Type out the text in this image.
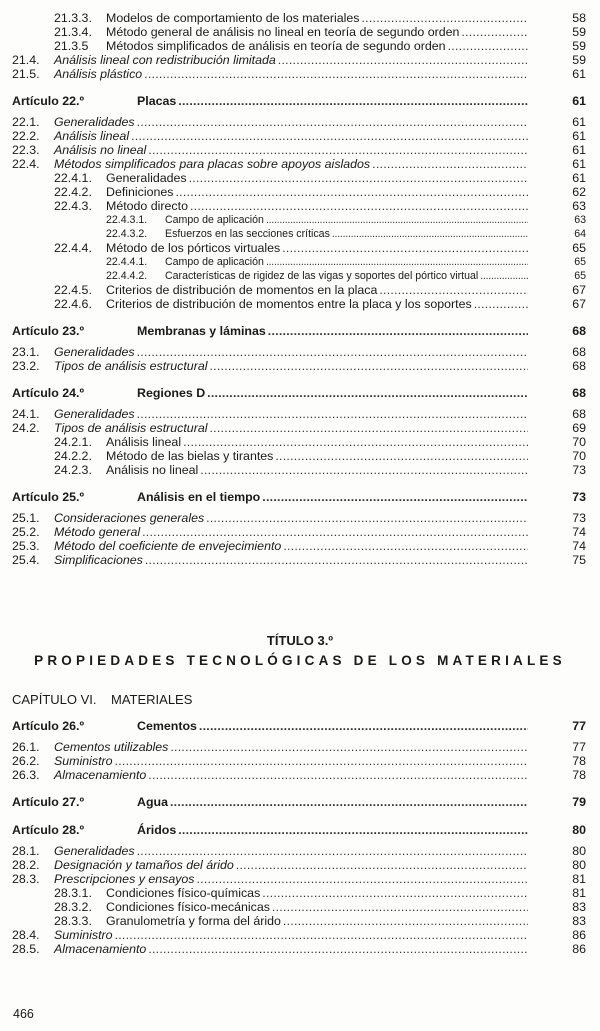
21.3.3.	Modelos de comportamiento de los materiales . . .	58
21.3.4.	Método general de análisis no lineal en teoría de segundo orden . . .	59
21.3.5	Métodos simplificados de análisis en teoría de segundo orden . . .	59
21.4.	Análisis lineal con redistribución limitada . . .	59
21.5.	Análisis plástico . . .	61
Artículo 22.º	Placas . . .	61
22.1.	Generalidades . . .	61
22.2.	Análisis lineal . . .	61
22.3.	Análisis no lineal . . .	61
22.4.	Métodos simplificados para placas sobre apoyos aislados . . .	61
22.4.1.	Generalidades . . .	61
22.4.2.	Definiciones . . .	62
22.4.3.	Método directo . . .	63
22.4.3.1.	Campo de aplicación . . .	63
22.4.3.2.	Esfuerzos en las secciones críticas . . .	64
22.4.4.	Método de los pórticos virtuales . . .	65
22.4.4.1.	Campo de aplicación . . .	65
22.4.4.2.	Características de rigidez de las vigas y soportes del pórtico virtual . . .	65
22.4.5.	Criterios de distribución de momentos en la placa . . .	67
22.4.6.	Criterios de distribución de momentos entre la placa y los soportes . . .	67
Artículo 23.º	Membranas y láminas . . .	68
23.1.	Generalidades . . .	68
23.2.	Tipos de análisis estructural . . .	68
Artículo 24.º	Regiones D . . .	68
24.1.	Generalidades . . .	68
24.2.	Tipos de análisis estructural . . .	69
24.2.1.	Análisis lineal . . .	70
24.2.2.	Método de las bielas y tirantes . . .	70
24.2.3.	Análisis no lineal . . .	73
Artículo 25.º	Análisis en el tiempo . . .	73
25.1.	Consideraciones generales . . .	73
25.2.	Método general . . .	74
25.3.	Método del coeficiente de envejecimiento . . .	74
25.4.	Simplificaciones . . .	75
TÍTULO 3.º
PROPIEDADES TECNOLÓGICAS DE LOS MATERIALES
CAPÍTULO VI. MATERIALES
Artículo 26.º	Cementos . . .	77
26.1.	Cementos utilizables . . .	77
26.2.	Suministro . . .	78
26.3.	Almacenamiento . . .	78
Artículo 27.º	Agua . . .	79
Artículo 28.º	Áridos . . .	80
28.1.	Generalidades . . .	80
28.2.	Designación y tamaños del árido . . .	80
28.3.	Prescripciones y ensayos . . .	81
28.3.1.	Condiciones físico-químicas . . .	81
28.3.2.	Condiciones físico-mecánicas . . .	83
28.3.3.	Granulometría y forma del árido . . .	83
28.4.	Suministro . . .	86
28.5.	Almacenamiento . . .	86
466
